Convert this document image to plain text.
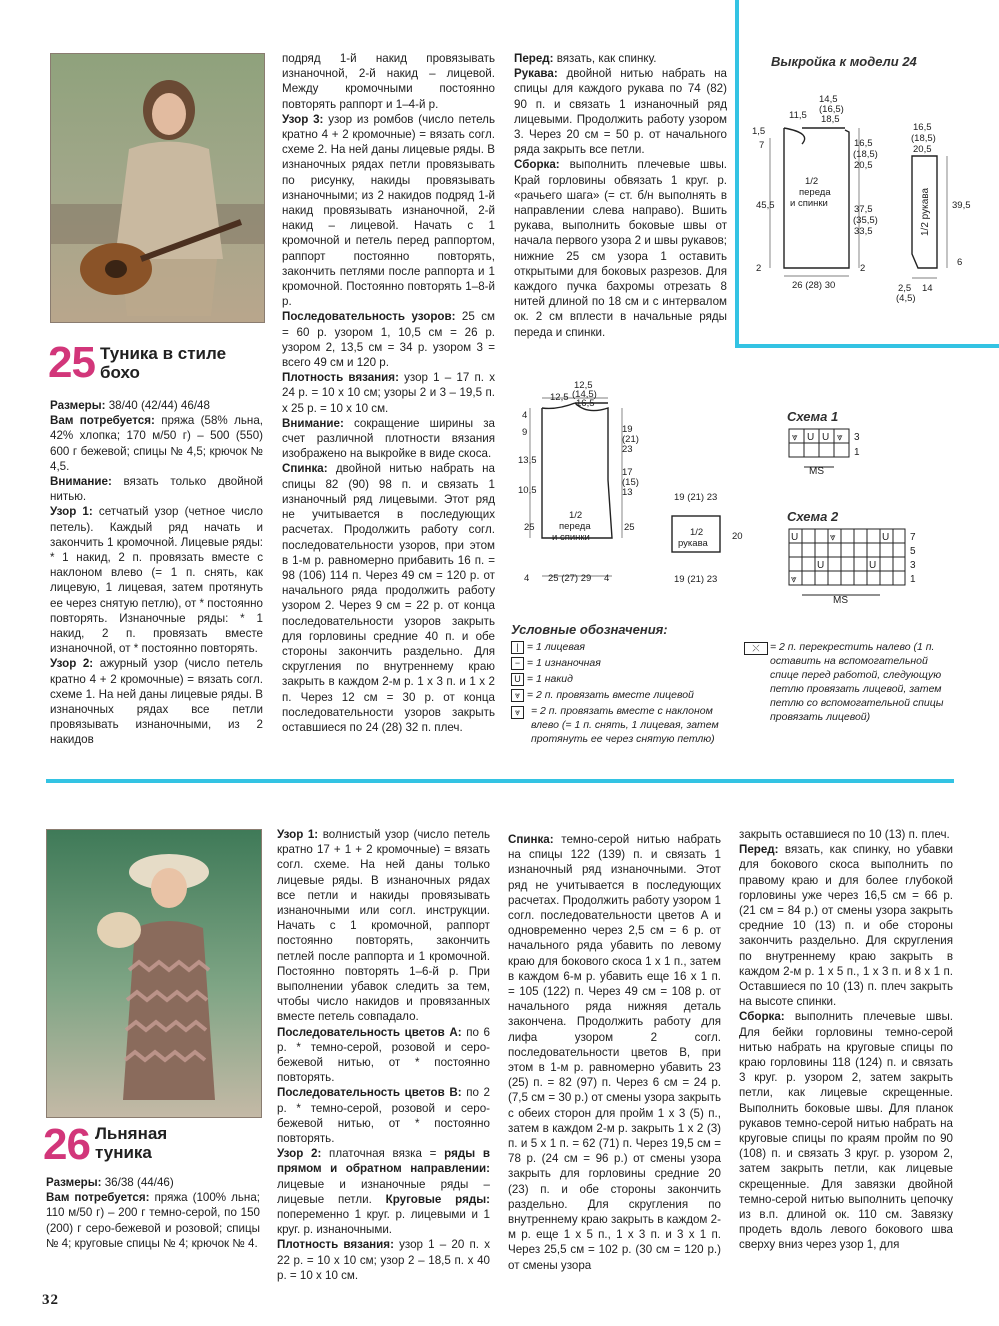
Выкройка к модели 24
11,5
14,5
(16,5)
18,5
1,5
7	16,5
(18,5)
20,5
45,5
1/2
переда
и спинки
37,5
(35,5)
33,5
2	2
26 (28) 30
16,5
(18,5)
20,5
39,5
6
2,5
(4,5)
14
1/2 рукава
25 Туника в стиле бохо
Размеры: 38/40 (42/44) 46/48
Вам потребуется: пряжа (58% льна, 42% хлопка; 170 м/50 г) – 500 (550) 600 г бежевой; спицы № 4,5; крючок № 4,5.
Внимание: вязать только двойной нитью.
Узор 1: сетчатый узор (четное число петель). Каждый ряд начать и закончить 1 кромочной. Лицевые ряды: * 1 накид, 2 п. провязать вместе с наклоном влево (= 1 п. снять, как лицевую, 1 лицевая, затем протянуть ее через снятую петлю), от * постоянно повторять. Изнаночные ряды: * 1 накид, 2 п. провязать вместе изнаночной, от * постоянно повторять.
Узор 2: ажурный узор (число петель кратно 4 + 2 кромочные) = вязать согл. схеме 1. На ней даны лицевые ряды. В изнаночных рядах все петли провязывать изнаночными, из 2 накидов
подряд 1-й накид провязывать изнаночной, 2-й накид – лицевой. Между кромочными постоянно повторять раппорт и 1–4-й р.
Узор 3: узор из ромбов (число петель кратно 4 + 2 кромочные) = вязать согл. схеме 2. На ней даны лицевые ряды. В изнаночных рядах петли провязывать по рисунку, накиды провязывать изнаночными; из 2 накидов подряд 1-й накид провязывать изнаночной, 2-й накид – лицевой. Начать с 1 кромочной и петель перед раппортом, раппорт постоянно повторять, закончить петлями после раппорта и 1 кромочной. Постоянно повторять 1–8-й р.
Последовательность узоров: 25 см = 60 р. узором 1, 10,5 см = 26 р. узором 2, 13,5 см = 34 р. узором 3 = всего 49 см и 120 р.
Плотность вязания: узор 1 – 17 п. х 24 р. = 10 х 10 см; узоры 2 и 3 – 19,5 п. х 25 р. = 10 х 10 см.
Внимание: сокращение ширины за счет различной плотности вязания изображено на выкройке в виде скоса.
Спинка: двойной нитью набрать на спицы 82 (90) 98 п. и связать 1 изнаночный ряд лицевыми. Этот ряд не учитывается в последующих расчетах. Продолжить работу согл. последовательности узоров, при этом в 1-м р. равномерно прибавить 16 п. = 98 (106) 114 п. Через 49 см = 120 р. от начального ряда продолжить работу узором 2. Через 9 см = 22 р. от конца последовательности узоров закрыть для горловины средние 40 п. и обе стороны закончить раздельно. Для скругления по внутреннему краю закрыть в каждом 2-м р. 1 х 3 п. и 1 х 2 п. Через 12 см = 30 р. от конца последовательности узоров закрыть оставшиеся по 24 (28) 32 п. плеч.
Перед: вязать, как спинку.
Рукава: двойной нитью набрать на спицы для каждого рукава по 74 (82) 90 п. и связать 1 изнаночный ряд лицевыми. Продолжить работу узором 3. Через 20 см = 50 р. от начального ряда закрыть все петли.
Сборка: выполнить плечевые швы. Край горловины обвязать 1 круг. р. «рачьего шага» (= ст. б/н выполнять в направлении слева направо). Вшить рукава, выполнить боковые швы от начала первого узора 2 и швы рукавов; нижние 25 см узора 1 оставить открытыми для боковых разрезов. Для каждого пучка бахромы отрезать 8 нитей длиной по 18 см и с интервалом ок. 2 см вплести в начальные ряды переда и спинки.
12,5
12,5
(14,5)
16,5
4
9	19
(21)
23
13,5
17
(15)
13
10,5
25	25
1/2
переда
и спинки
25 (27) 29 4
4
19 (21) 23
1/2
рукава
20
19 (21) 23
Схема 1
⩔ U U ⩔ 3
1
MS
Схема 2
U	⩔	U
U	U
⩔
7
5
3
1
MS
Условные обозначения:
| = 1 лицевая
− = 1 изнаночная
U = 1 накид
⩔ = 2 п. провязать вместе лицевой
⩔	= 2 п. провязать вместе с наклоном влево (= 1 п. снять, 1 лицевая, затем протянуть ее через снятую петлю)
⤬ = 2 п. перекрестить налево (1 п. оставить на вспомогательной спице перед работой, следующую петлю провязать лицевой, затем петлю со вспомогательной спицы провязать лицевой)
26 Льняная туника
Размеры: 36/38 (44/46)
Вам потребуется: пряжа (100% льна; 110 м/50 г) – 200 г темно-серой, по 150 (200) г серо-бежевой и розовой; спицы № 4; круговые спицы № 4; крючок № 4.
Узор 1: волнистый узор (число петель кратно 17 + 1 + 2 кромочные) = вязать согл. схеме. На ней даны только лицевые ряды. В изнаночных рядах все петли и накиды провязывать изнаночными или согл. инструкции. Начать с 1 кромочной, раппорт постоянно повторять, закончить петлей после раппорта и 1 кромочной. Постоянно повторять 1–6-й р. При выполнении убавок следить за тем, чтобы число накидов и провязанных вместе петель совпадало.
Последовательность цветов А: по 6 р. * темно-серой, розовой и серо-бежевой нитью, от * постоянно повторять.
Последовательность цветов В: по 2 р. * темно-серой, розовой и серо-бежевой нитью, от * постоянно повторять.
Узор 2: платочная вязка = ряды в прямом и обратном направлении: лицевые и изнаночные ряды – лицевые петли. Круговые ряды: попеременно 1 круг. р. лицевыми и 1 круг. р. изнаночными.
Плотность вязания: узор 1 – 20 п. х 22 р. = 10 х 10 см; узор 2 – 18,5 п. х 40 р. = 10 х 10 см.
Спинка: темно-серой нитью набрать на спицы 122 (139) п. и связать 1 изнаночный ряд изнаночными. Этот ряд не учитывается в последующих расчетах. Продолжить работу узором 1 согл. последовательности цветов А и одновременно через 2,5 см = 6 р. от начального ряда убавить по левому краю для бокового скоса 1 х 1 п., затем в каждом 6-м р. убавить еще 16 х 1 п. = 105 (122) п. Через 49 см = 108 р. от начального ряда нижняя деталь закончена. Продолжить работу для лифа узором 2 согл. последовательности цветов В, при этом в 1-м р. равномерно убавить 23 (25) п. = 82 (97) п. Через 6 см = 24 р. (7,5 см = 30 р.) от смены узора закрыть с обеих сторон для пройм 1 х 3 (5) п., затем в каждом 2-м р. закрыть 1 х 2 (3) п. и 5 х 1 п. = 62 (71) п. Через 19,5 см = 78 р. (24 см = 96 р.) от смены узора закрыть для горловины средние 20 (23) п. и обе стороны закончить раздельно. Для скругления по внутреннему краю закрыть в каждом 2-м р. еще 1 х 5 п., 1 х 3 п. и 3 х 1 п. Через 25,5 см = 102 р. (30 см = 120 р.) от смены узора
закрыть оставшиеся по 10 (13) п. плеч.
Перед: вязать, как спинку, но убавки для бокового скоса выполнить по правому краю и для более глубокой горловины уже через 16,5 см = 66 р. (21 см = 84 р.) от смены узора закрыть средние 10 (13) п. и обе стороны закончить раздельно. Для скругления по внутреннему краю закрыть в каждом 2-м р. 1 х 5 п., 1 х 3 п. и 8 х 1 п. Оставшиеся по 10 (13) п. плеч закрыть на высоте спинки.
Сборка: выполнить плечевые швы. Для бейки горловины темно-серой нитью набрать на круговые спицы по краю горловины 118 (124) п. и связать 3 круг. р. узором 2, затем закрыть петли, как лицевые скрещенные. Выполнить боковые швы. Для планок рукавов темно-серой нитью набрать на круговые спицы по краям пройм по 90 (108) п. и связать 3 круг. р. узором 2, затем закрыть петли, как лицевые скрещенные. Для завязки двойной темно-серой нитью выполнить цепочку из в.п. длиной ок. 110 см. Завязку продеть вдоль левого бокового шва сверху вниз через узор 1, для
32
